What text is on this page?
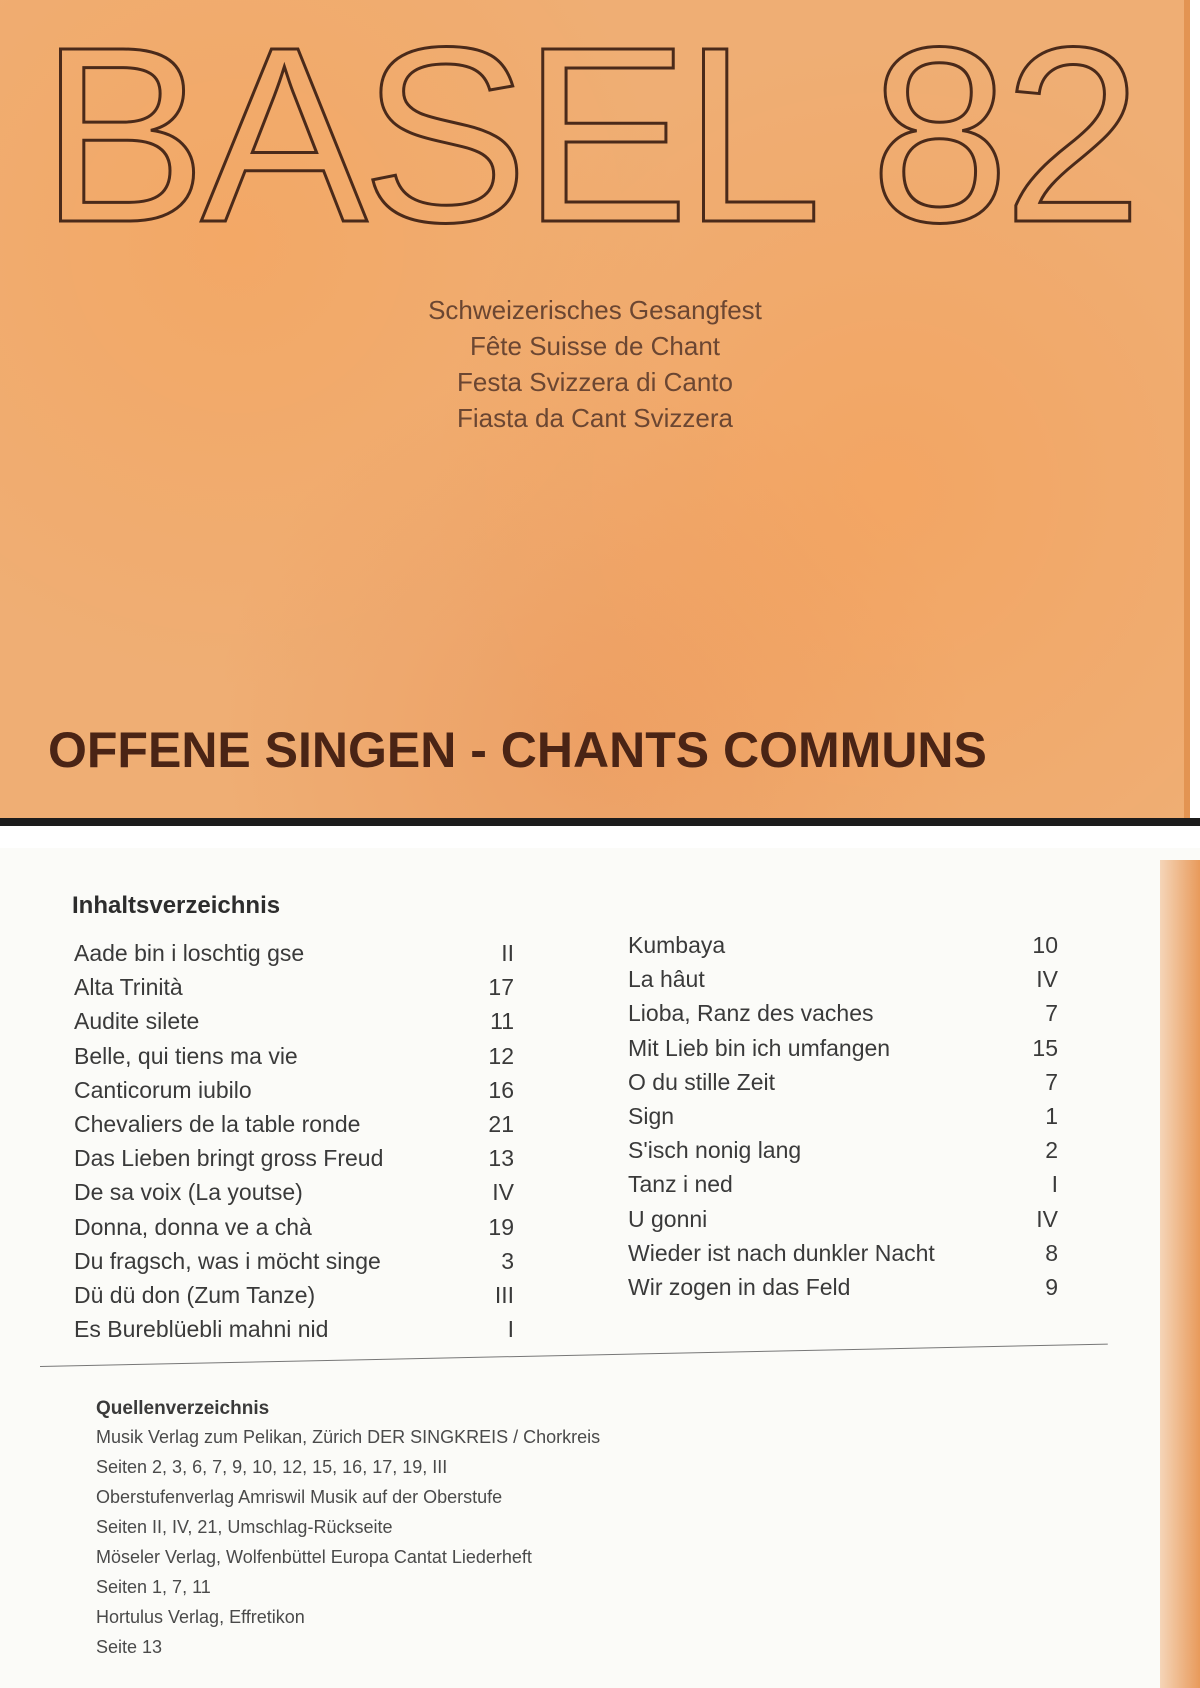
BASEL 82
Schweizerisches Gesangfest
Fête Suisse de Chant
Festa Svizzera di Canto
Fiasta da Cant Svizzera
OFFENE SINGEN - CHANTS COMMUNS
Inhaltsverzeichnis
Aade bin i loschtig gse	II
Alta Trinità	17
Audite silete	11
Belle, qui tiens ma vie	12
Canticorum iubilo	16
Chevaliers de la table ronde	21
Das Lieben bringt gross Freud	13
De sa voix (La youtse)	IV
Donna, donna ve a chà	19
Du fragsch, was i möcht singe	3
Dü dü don (Zum Tanze)	III
Es Bureblüebli mahni nid	I
Kumbaya	10
La hâut	IV
Lioba, Ranz des vaches	7
Mit Lieb bin ich umfangen	15
O du stille Zeit	7
Sign	1
S'isch nonig lang	2
Tanz i ned	I
U gonni	IV
Wieder ist nach dunkler Nacht	8
Wir zogen in das Feld	9
Quellenverzeichnis
Musik Verlag zum Pelikan, Zürich DER SINGKREIS / Chorkreis
Seiten 2, 3, 6, 7, 9, 10, 12, 15, 16, 17, 19, III
Oberstufenverlag Amriswil Musik auf der Oberstufe
Seiten II, IV, 21, Umschlag-Rückseite
Möseler Verlag, Wolfenbüttel Europa Cantat Liederheft
Seiten 1, 7, 11
Hortulus Verlag, Effretikon
Seite 13
